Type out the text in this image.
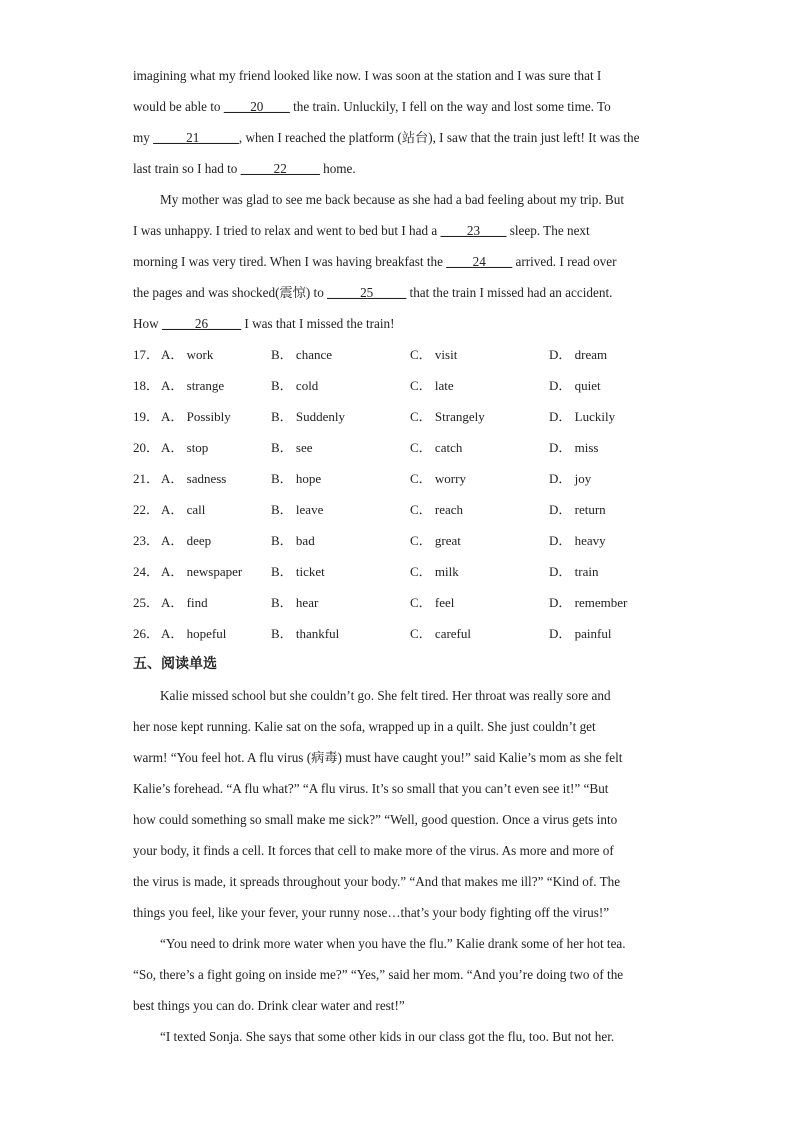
imagining what my friend looked like now. I was soon at the station and I was sure that I
would be able to ____20____ the train. Unluckily, I fell on the way and lost some time. To
my _____21______, when I reached the platform (站台), I saw that the train just left! It was the
last train so I had to _____22_____ home.
My mother was glad to see me back because as she had a bad feeling about my trip. But
I was unhappy. I tried to relax and went to bed but I had a ____23____ sleep. The next
morning I was very tired. When I was having breakfast the ____24____ arrived. I read over
the pages and was shocked(震惊) to _____25_____ that the train I missed had an accident.
How _____26_____ I was that I missed the train!
17． A． work	B． chance	C． visit	D． dream
18． A． strange	B． cold	C． late	D． quiet
19． A． Possibly	B． Suddenly	C． Strangely	D． Luckily
20． A． stop	B． see	C． catch	D． miss
21． A． sadness	B． hope	C． worry	D． joy
22． A． call	B． leave	C． reach	D． return
23． A． deep	B． bad	C． great	D． heavy
24． A． newspaper	B． ticket	C． milk	D． train
25． A． find	B． hear	C． feel	D． remember
26． A． hopeful	B． thankful	C． careful	D． painful
五、阅读单选
Kalie missed school but she couldn’t go. She felt tired. Her throat was really sore and
her nose kept running. Kalie sat on the sofa, wrapped up in a quilt. She just couldn’t get
warm! “You feel hot. A flu virus (病毒) must have caught you!” said Kalie’s mom as she felt
Kalie’s forehead. “A flu what?” “A flu virus. It’s so small that you can’t even see it!” “But
how could something so small make me sick?” “Well, good question. Once a virus gets into
your body, it finds a cell. It forces that cell to make more of the virus. As more and more of
the virus is made, it spreads throughout your body.” “And that makes me ill?” “Kind of. The
things you feel, like your fever, your runny nose…that’s your body fighting off the virus!”
“You need to drink more water when you have the flu.” Kalie drank some of her hot tea.
“So, there’s a fight going on inside me?” “Yes,” said her mom. “And you’re doing two of the
best things you can do. Drink clear water and rest!”
“I texted Sonja. She says that some other kids in our class got the flu, too. But not her.
